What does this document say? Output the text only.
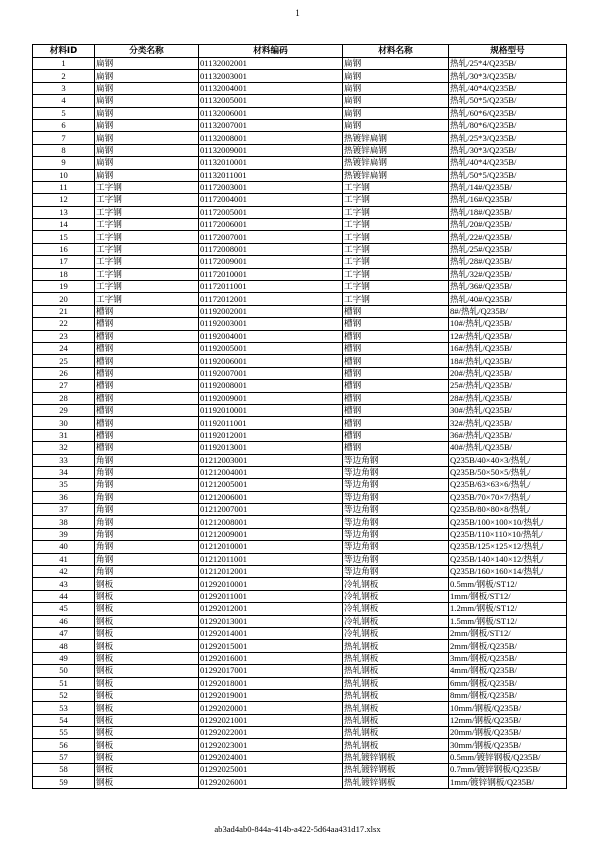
1
材料ID	分类名称	材料编码	材料名称	规格型号
1	扁钢	01132002001	扁钢	热轧/25*4/Q235B/
2	扁钢	01132003001	扁钢	热轧/30*3/Q235B/
3	扁钢	01132004001	扁钢	热轧/40*4/Q235B/
4	扁钢	01132005001	扁钢	热轧/50*5/Q235B/
5	扁钢	01132006001	扁钢	热轧/60*6/Q235B/
6	扁钢	01132007001	扁钢	热轧/80*6/Q235B/
7	扁钢	01132008001	热镀锌扁钢	热轧/25*3/Q235B/
8	扁钢	01132009001	热镀锌扁钢	热轧/30*3/Q235B/
9	扁钢	01132010001	热镀锌扁钢	热轧/40*4/Q235B/
10	扁钢	01132011001	热镀锌扁钢	热轧/50*5/Q235B/
11	工字钢	01172003001	工字钢	热轧/14#/Q235B/
12	工字钢	01172004001	工字钢	热轧/16#/Q235B/
13	工字钢	01172005001	工字钢	热轧/18#/Q235B/
14	工字钢	01172006001	工字钢	热轧/20#/Q235B/
15	工字钢	01172007001	工字钢	热轧/22#/Q235B/
16	工字钢	01172008001	工字钢	热轧/25#/Q235B/
17	工字钢	01172009001	工字钢	热轧/28#/Q235B/
18	工字钢	01172010001	工字钢	热轧/32#/Q235B/
19	工字钢	01172011001	工字钢	热轧/36#/Q235B/
20	工字钢	01172012001	工字钢	热轧/40#/Q235B/
21	槽钢	01192002001	槽钢	8#/热轧/Q235B/
22	槽钢	01192003001	槽钢	10#/热轧/Q235B/
23	槽钢	01192004001	槽钢	12#/热轧/Q235B/
24	槽钢	01192005001	槽钢	16#/热轧/Q235B/
25	槽钢	01192006001	槽钢	18#/热轧/Q235B/
26	槽钢	01192007001	槽钢	20#/热轧/Q235B/
27	槽钢	01192008001	槽钢	25#/热轧/Q235B/
28	槽钢	01192009001	槽钢	28#/热轧/Q235B/
29	槽钢	01192010001	槽钢	30#/热轧/Q235B/
30	槽钢	01192011001	槽钢	32#/热轧/Q235B/
31	槽钢	01192012001	槽钢	36#/热轧/Q235B/
32	槽钢	01192013001	槽钢	40#/热轧/Q235B/
33	角钢	01212003001	等边角钢	Q235B/40×40×3/热轧/
34	角钢	01212004001	等边角钢	Q235B/50×50×5/热轧/
35	角钢	01212005001	等边角钢	Q235B/63×63×6/热轧/
36	角钢	01212006001	等边角钢	Q235B/70×70×7/热轧/
37	角钢	01212007001	等边角钢	Q235B/80×80×8/热轧/
38	角钢	01212008001	等边角钢	Q235B/100×100×10/热轧/
39	角钢	01212009001	等边角钢	Q235B/110×110×10/热轧/
40	角钢	01212010001	等边角钢	Q235B/125×125×12/热轧/
41	角钢	01212011001	等边角钢	Q235B/140×140×12/热轧/
42	角钢	01212012001	等边角钢	Q235B/160×160×14/热轧/
43	钢板	01292010001	冷轧钢板	0.5mm/钢板/ST12/
44	钢板	01292011001	冷轧钢板	1mm/钢板/ST12/
45	钢板	01292012001	冷轧钢板	1.2mm/钢板/ST12/
46	钢板	01292013001	冷轧钢板	1.5mm/钢板/ST12/
47	钢板	01292014001	冷轧钢板	2mm/钢板/ST12/
48	钢板	01292015001	热轧钢板	2mm/钢板/Q235B/
49	钢板	01292016001	热轧钢板	3mm/钢板/Q235B/
50	钢板	01292017001	热轧钢板	4mm/钢板/Q235B/
51	钢板	01292018001	热轧钢板	6mm/钢板/Q235B/
52	钢板	01292019001	热轧钢板	8mm/钢板/Q235B/
53	钢板	01292020001	热轧钢板	10mm/钢板/Q235B/
54	钢板	01292021001	热轧钢板	12mm/钢板/Q235B/
55	钢板	01292022001	热轧钢板	20mm/钢板/Q235B/
56	钢板	01292023001	热轧钢板	30mm/钢板/Q235B/
57	钢板	01292024001	热轧镀锌钢板	0.5mm/镀锌钢板/Q235B/
58	钢板	01292025001	热轧镀锌钢板	0.7mm/镀锌钢板/Q235B/
59	钢板	01292026001	热轧镀锌钢板	1mm/镀锌钢板/Q235B/
ab3ad4ab0-844a-414b-a422-5d64aa431d17.xlsx
